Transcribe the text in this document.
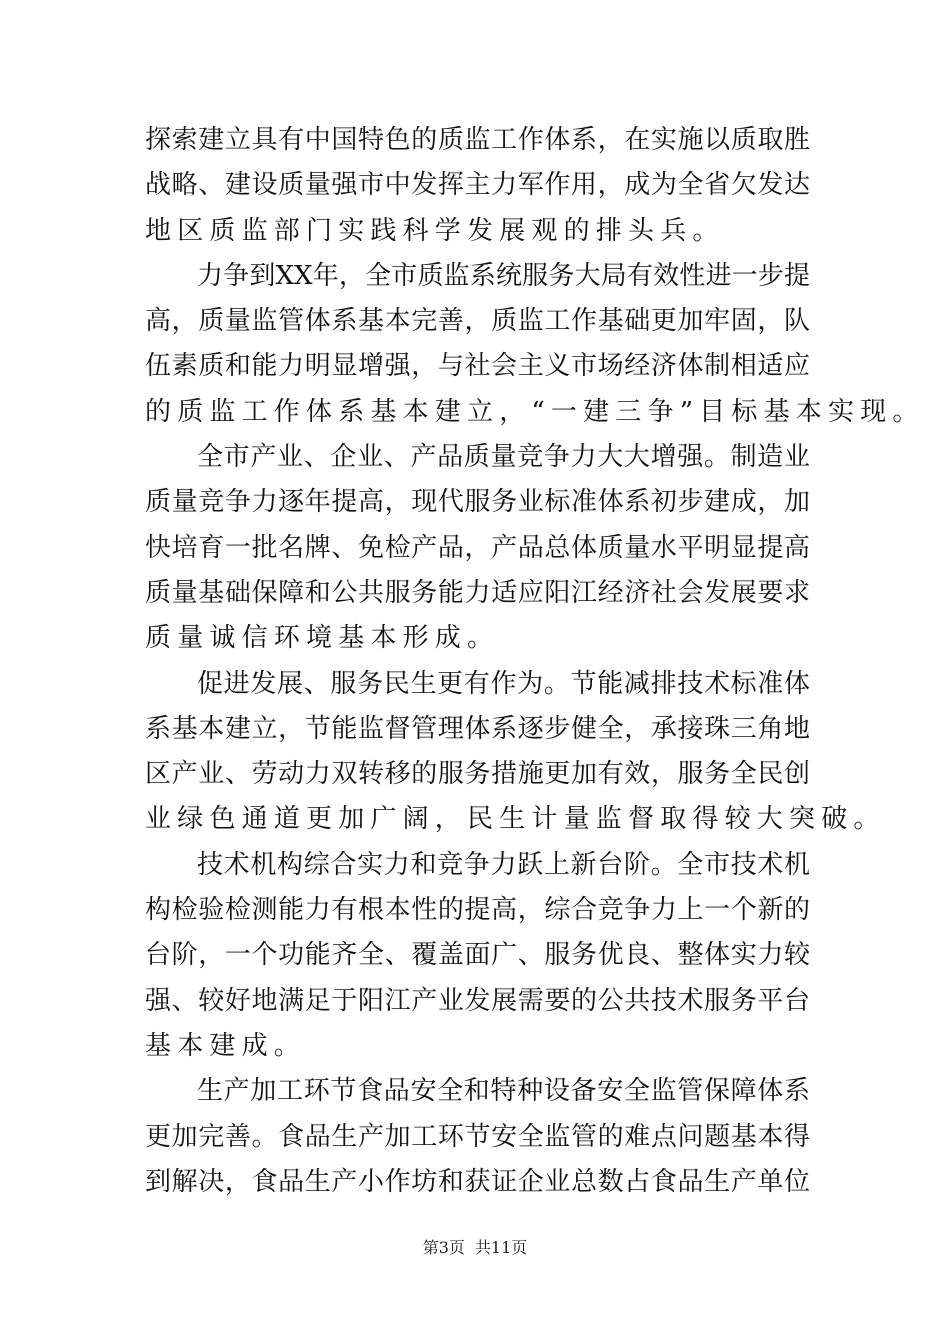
探索建立具有中国特色的质监工作体系，在实施以质取胜
战略、建设质量强市中发挥主力军作用，成为全省欠发达
地区质监部门实践科学发展观的排头兵。
力争到XX年，全市质监系统服务大局有效性进一步提
高，质量监管体系基本完善，质监工作基础更加牢固，队
伍素质和能力明显增强，与社会主义市场经济体制相适应
的质监工作体系基本建立，“一建三争”目标基本实现。
全市产业、企业、产品质量竞争力大大增强。制造业
质量竞争力逐年提高，现代服务业标准体系初步建成，加
快培育一批名牌、免检产品，产品总体质量水平明显提高
质量基础保障和公共服务能力适应阳江经济社会发展要求
质量诚信环境基本形成。
促进发展、服务民生更有作为。节能减排技术标准体
系基本建立，节能监督管理体系逐步健全，承接珠三角地
区产业、劳动力双转移的服务措施更加有效，服务全民创
业绿色通道更加广阔，民生计量监督取得较大突破。
技术机构综合实力和竞争力跃上新台阶。全市技术机
构检验检测能力有根本性的提高，综合竞争力上一个新的
台阶，一个功能齐全、覆盖面广、服务优良、整体实力较
强、较好地满足于阳江产业发展需要的公共技术服务平台
基本建成。
生产加工环节食品安全和特种设备安全监管保障体系
更加完善。食品生产加工环节安全监管的难点问题基本得
到解决，食品生产小作坊和获证企业总数占食品生产单位
第3页 共11页
